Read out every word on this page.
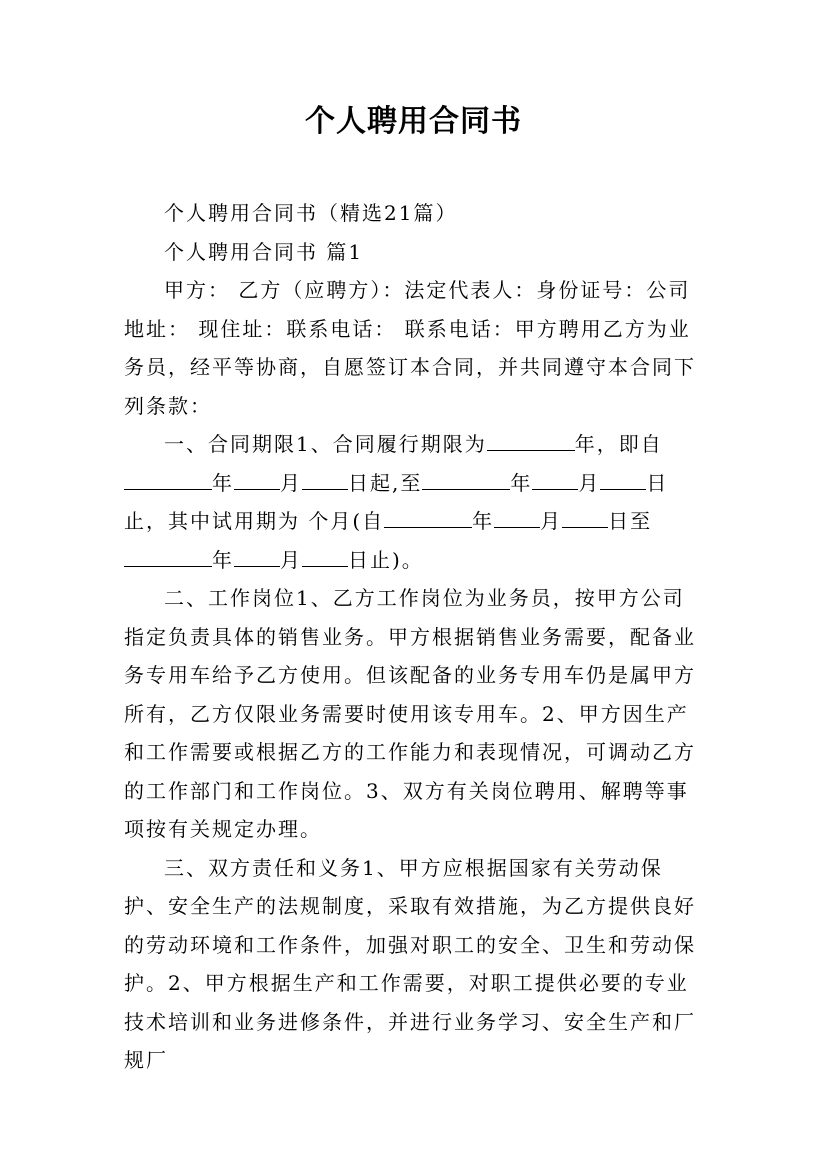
个人聘用合同书

个人聘用合同书（精选21篇）

个人聘用合同书 篇1

甲方： 乙方（应聘方）：法定代表人：身份证号：公司地址： 现住址：联系电话： 联系电话：甲方聘用乙方为业务员，经平等协商，自愿签订本合同，并共同遵守本合同下列条款：

一、合同期限1、合同履行期限为	年，即自年 月 日起,至	年 月 日止，其中试用期为 个月(自	年 月 日至年 月 日止)。

二、工作岗位1、乙方工作岗位为业务员，按甲方公司指定负责具体的销售业务。甲方根据销售业务需要，配备业务专用车给予乙方使用。但该配备的业务专用车仍是属甲方所有，乙方仅限业务需要时使用该专用车。2、甲方因生产和工作需要或根据乙方的工作能力和表现情况，可调动乙方的工作部门和工作岗位。3、双方有关岗位聘用、解聘等事项按有关规定办理。

三、双方责任和义务1、甲方应根据国家有关劳动保护、安全生产的法规制度，采取有效措施，为乙方提供良好的劳动环境和工作条件，加强对职工的安全、卫生和劳动保护。2、甲方根据生产和工作需要，对职工提供必要的专业技术培训和业务进修条件，并进行业务学习、安全生产和厂规厂
